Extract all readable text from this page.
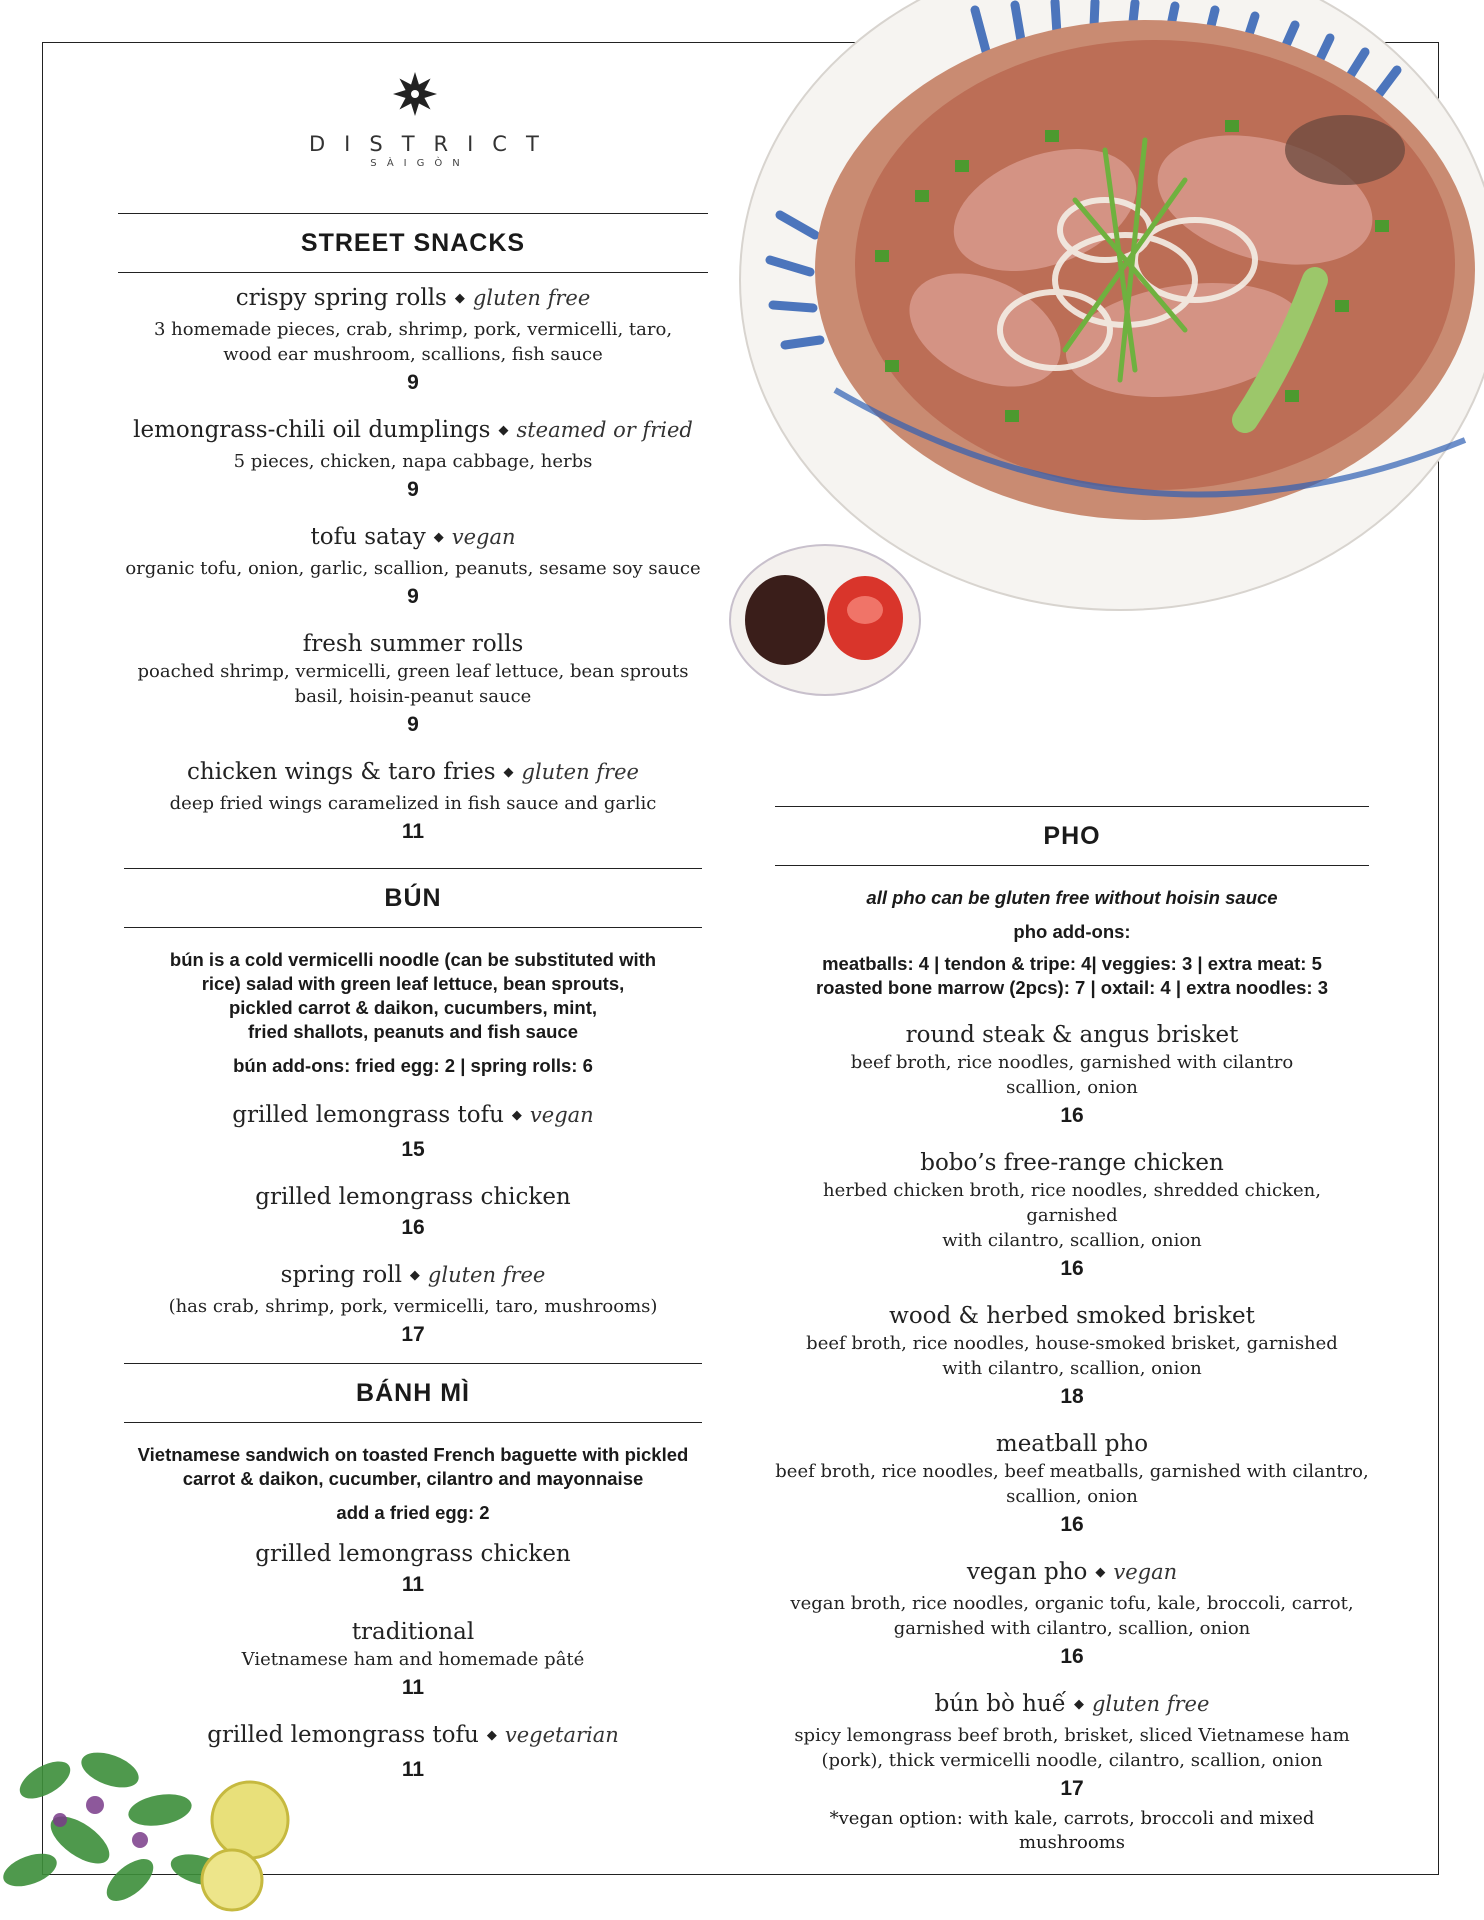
DISTRICT
SÀIGÒN
STREET SNACKS
crispy spring rolls ◆ gluten free
3 homemade pieces, crab, shrimp, pork, vermicelli, taro,
wood ear mushroom, scallions, fish sauce
9
lemongrass-chili oil dumplings ◆ steamed or fried
5 pieces, chicken, napa cabbage, herbs
9
tofu satay ◆ vegan
organic tofu, onion, garlic, scallion, peanuts, sesame soy sauce
9
fresh summer rolls
poached shrimp, vermicelli, green leaf lettuce, bean sprouts
basil, hoisin-peanut sauce
9
chicken wings & taro fries ◆ gluten free
deep fried wings caramelized in fish sauce and garlic
11
BÚN
bún is a cold vermicelli noodle (can be substituted with
rice) salad with green leaf lettuce, bean sprouts,
pickled carrot & daikon, cucumbers, mint,
fried shallots, peanuts and fish sauce
bún add-ons: fried egg: 2 | spring rolls: 6
grilled lemongrass tofu ◆ vegan
15
grilled lemongrass chicken
16
spring roll ◆ gluten free
(has crab, shrimp, pork, vermicelli, taro, mushrooms)
17
BÁNH MÌ
Vietnamese sandwich on toasted French baguette with pickled
carrot & daikon, cucumber, cilantro and mayonnaise
add a fried egg: 2
grilled lemongrass chicken
11
traditional
Vietnamese ham and homemade pâté
11
grilled lemongrass tofu ◆ vegetarian
11
PHO
all pho can be gluten free without hoisin sauce
pho add-ons:
meatballs: 4 | tendon & tripe: 4| veggies: 3 | extra meat: 5
roasted bone marrow (2pcs): 7 | oxtail: 4 | extra noodles: 3
round steak & angus brisket
beef broth, rice noodles, garnished with cilantro
scallion, onion
16
bobo’s free-range chicken
herbed chicken broth, rice noodles, shredded chicken, garnished
with cilantro, scallion, onion
16
wood & herbed smoked brisket
beef broth, rice noodles, house-smoked brisket, garnished
with cilantro, scallion, onion
18
meatball pho
beef broth, rice noodles, beef meatballs, garnished with cilantro,
scallion, onion
16
vegan pho ◆ vegan
vegan broth, rice noodles, organic tofu, kale, broccoli, carrot,
garnished with cilantro, scallion, onion
16
bún bò huế ◆ gluten free
spicy lemongrass beef broth, brisket, sliced Vietnamese ham
(pork), thick vermicelli noodle, cilantro, scallion, onion
17
*vegan option: with kale, carrots, broccoli and mixed mushrooms
